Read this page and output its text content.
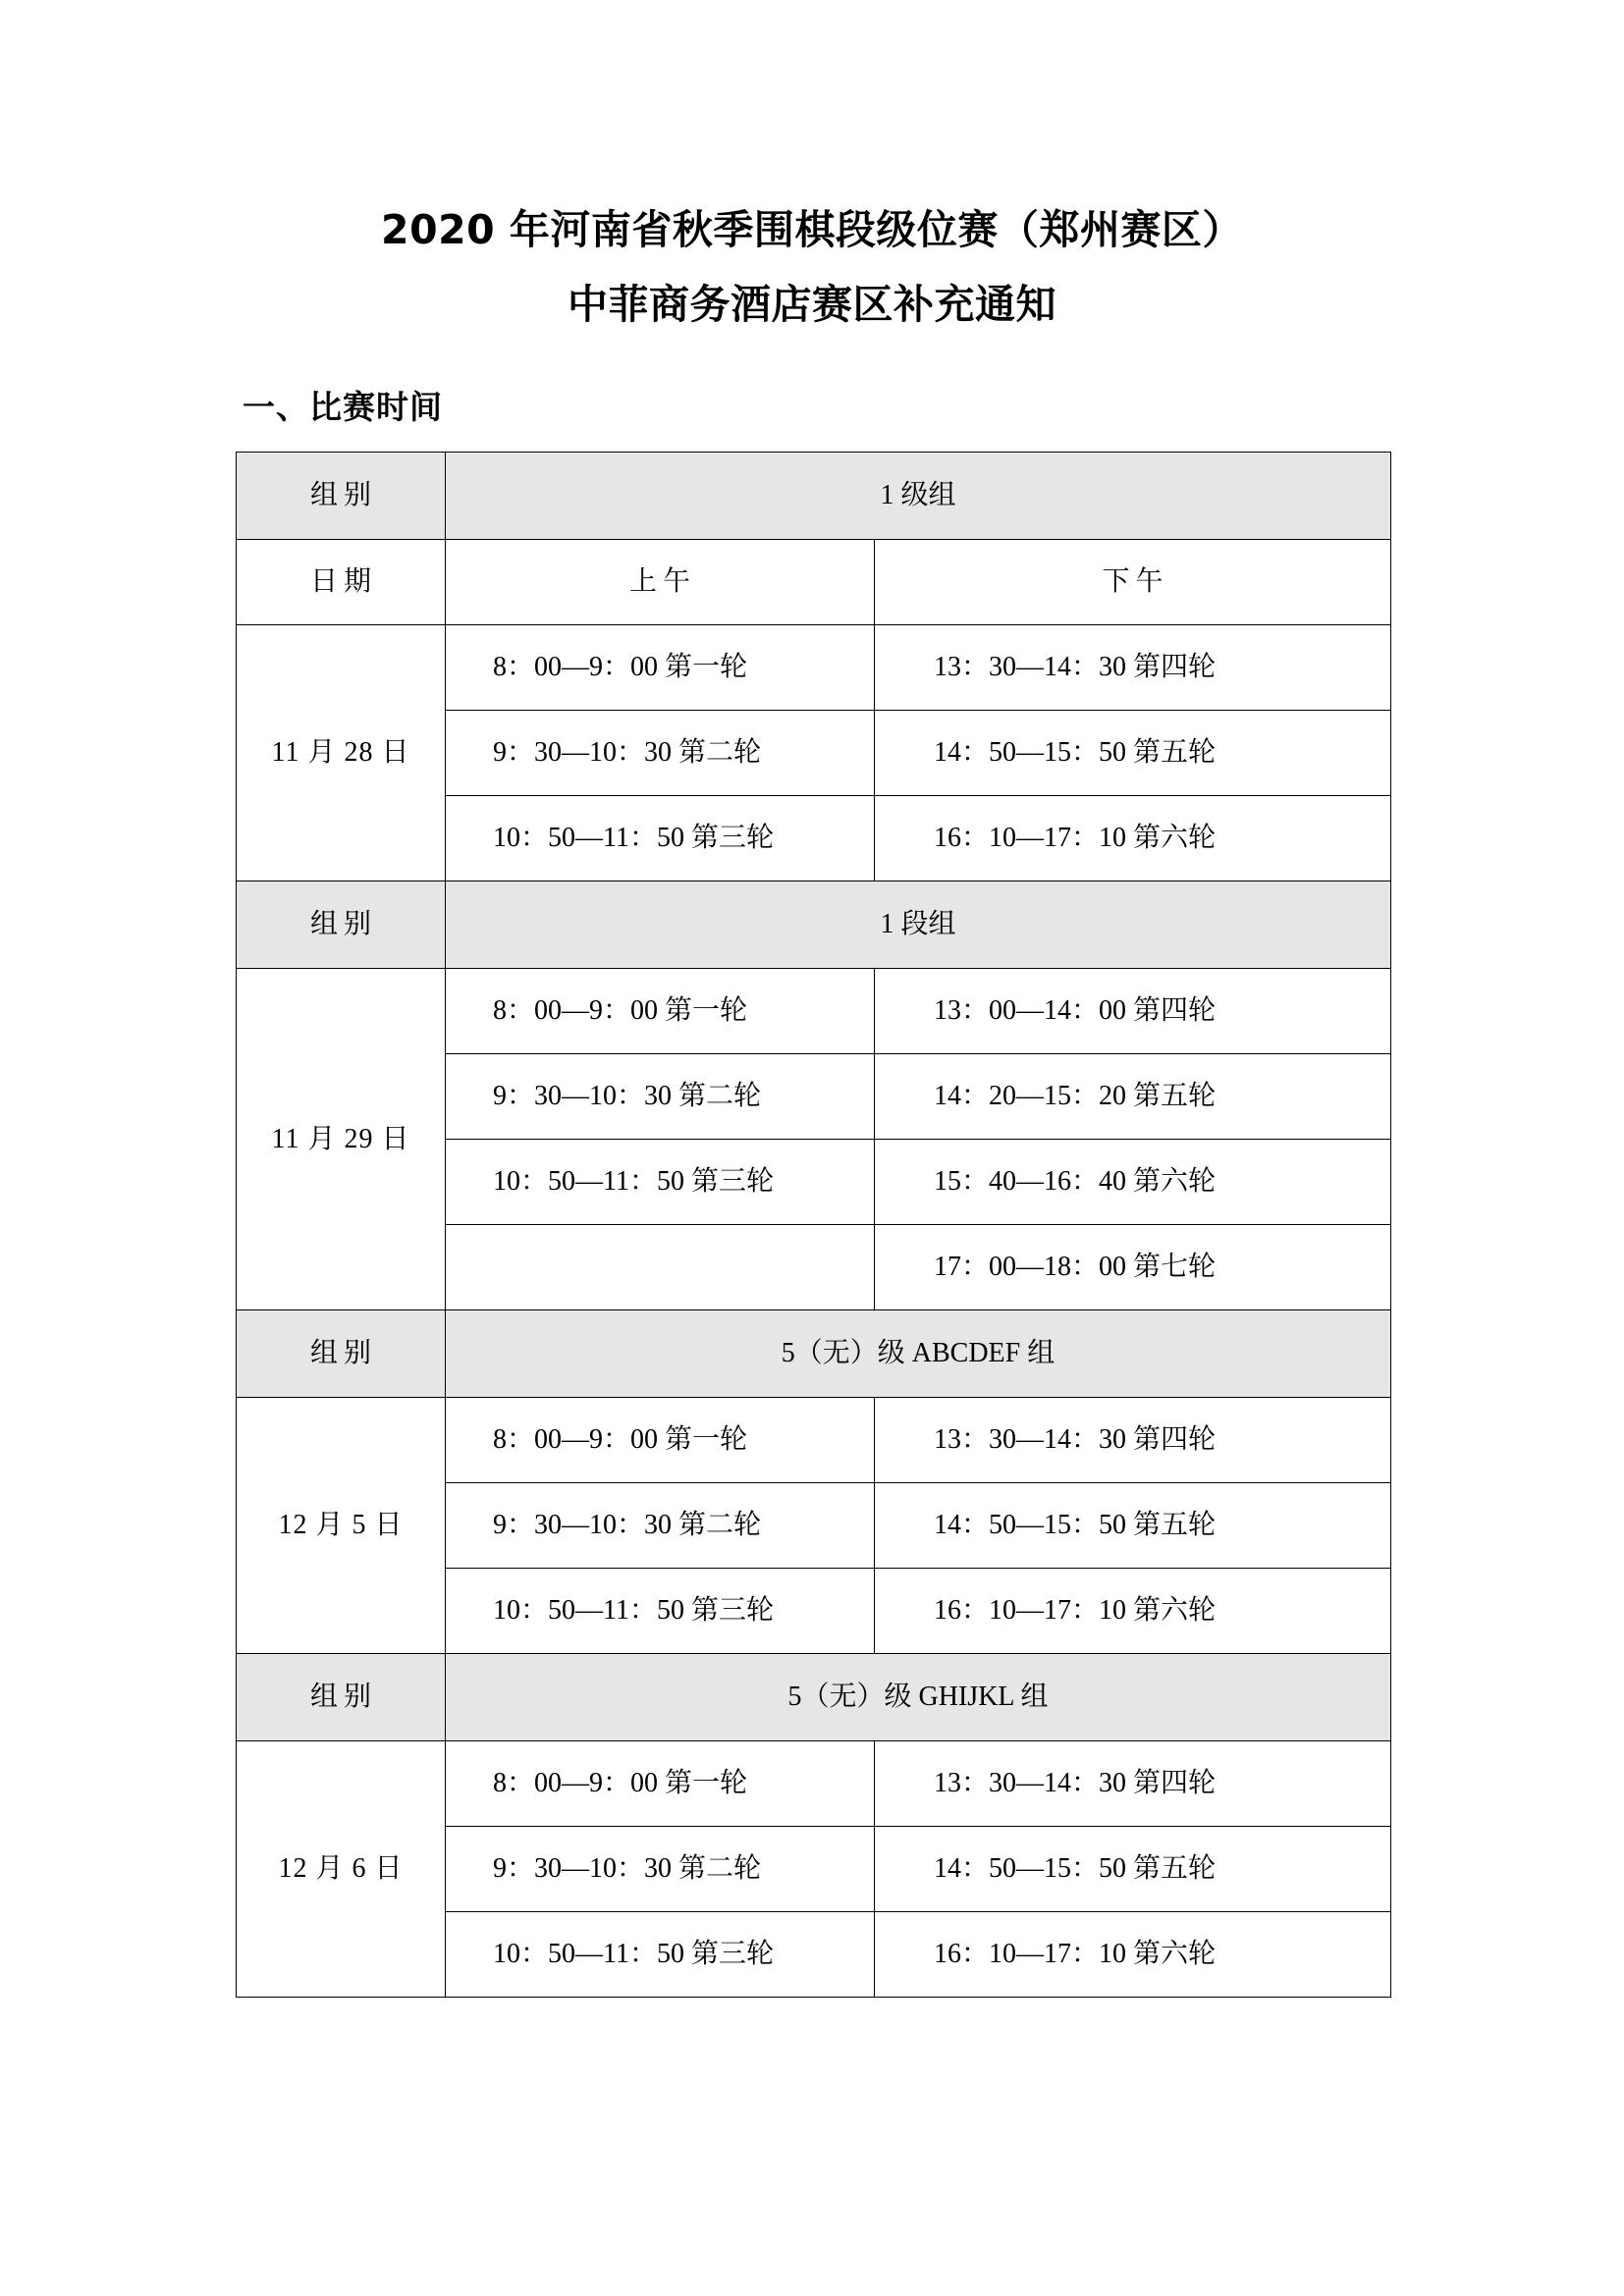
2020 年河南省秋季围棋段级位赛（郑州赛区）
中菲商务酒店赛区补充通知
一、比赛时间
组别	1 级组	
日期	上午	下午
11 月 28 日	8：00—9：00 第一轮	13：30—14：30 第四轮
	9：30—10：30 第二轮	14：50—15：50 第五轮
	10：50—11：50 第三轮	16：10—17：10 第六轮
组别	1 段组	
11 月 29 日	8：00—9：00 第一轮	13：00—14：00 第四轮
	9：30—10：30 第二轮	14：20—15：20 第五轮
	10：50—11：50 第三轮	15：40—16：40 第六轮
		17：00—18：00 第七轮
组别	5（无）级 ABCDEF 组	
12 月 5 日	8：00—9：00 第一轮	13：30—14：30 第四轮
	9：30—10：30 第二轮	14：50—15：50 第五轮
	10：50—11：50 第三轮	16：10—17：10 第六轮
组别	5（无）级 GHIJKL 组	
12 月 6 日	8：00—9：00 第一轮	13：30—14：30 第四轮
	9：30—10：30 第二轮	14：50—15：50 第五轮
	10：50—11：50 第三轮	16：10—17：10 第六轮
